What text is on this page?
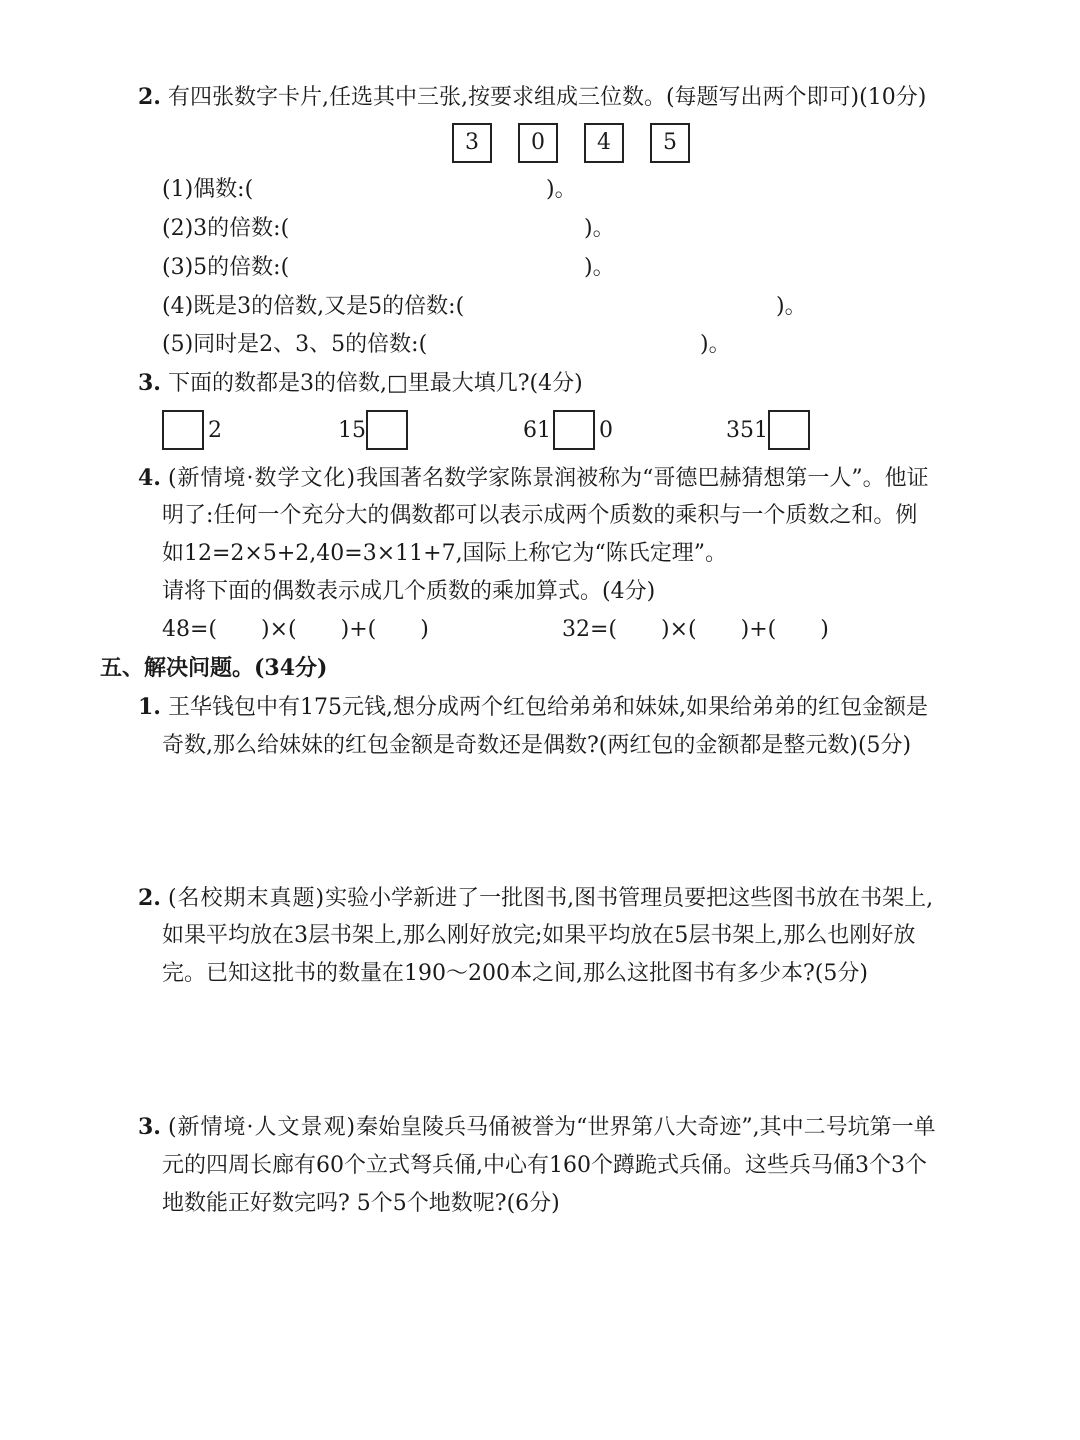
2. 有四张数字卡片,任选其中三张,按要求组成三位数。(每题写出两个即可)(10分)
3	0	4	5
(1)偶数:(	)。
(2)3的倍数:(	)。
(3)5的倍数:(	)。
(4)既是3的倍数,又是5的倍数:(	)。
(5)同时是2、3、5的倍数:(	)。
3. 下面的数都是3的倍数,□里最大填几?(4分)
2	15	61 0	351
4. (新情境·数学文化)我国著名数学家陈景润被称为“哥德巴赫猜想第一人”。他证
明了:任何一个充分大的偶数都可以表示成两个质数的乘积与一个质数之和。例
如12=2×5+2,40=3×11+7,国际上称它为“陈氏定理”。
请将下面的偶数表示成几个质数的乘加算式。(4分)
48=(　　)×(　　)+(　　)	32=(　　)×(　　)+(　　)
五、解决问题。(34分)
1. 王华钱包中有175元钱,想分成两个红包给弟弟和妹妹,如果给弟弟的红包金额是
奇数,那么给妹妹的红包金额是奇数还是偶数?(两红包的金额都是整元数)(5分)
2. (名校期末真题)实验小学新进了一批图书,图书管理员要把这些图书放在书架上,
如果平均放在3层书架上,那么刚好放完;如果平均放在5层书架上,那么也刚好放
完。已知这批书的数量在190～200本之间,那么这批图书有多少本?(5分)
3. (新情境·人文景观)秦始皇陵兵马俑被誉为“世界第八大奇迹”,其中二号坑第一单
元的四周长廊有60个立式弩兵俑,中心有160个蹲跪式兵俑。这些兵马俑3个3个
地数能正好数完吗? 5个5个地数呢?(6分)
